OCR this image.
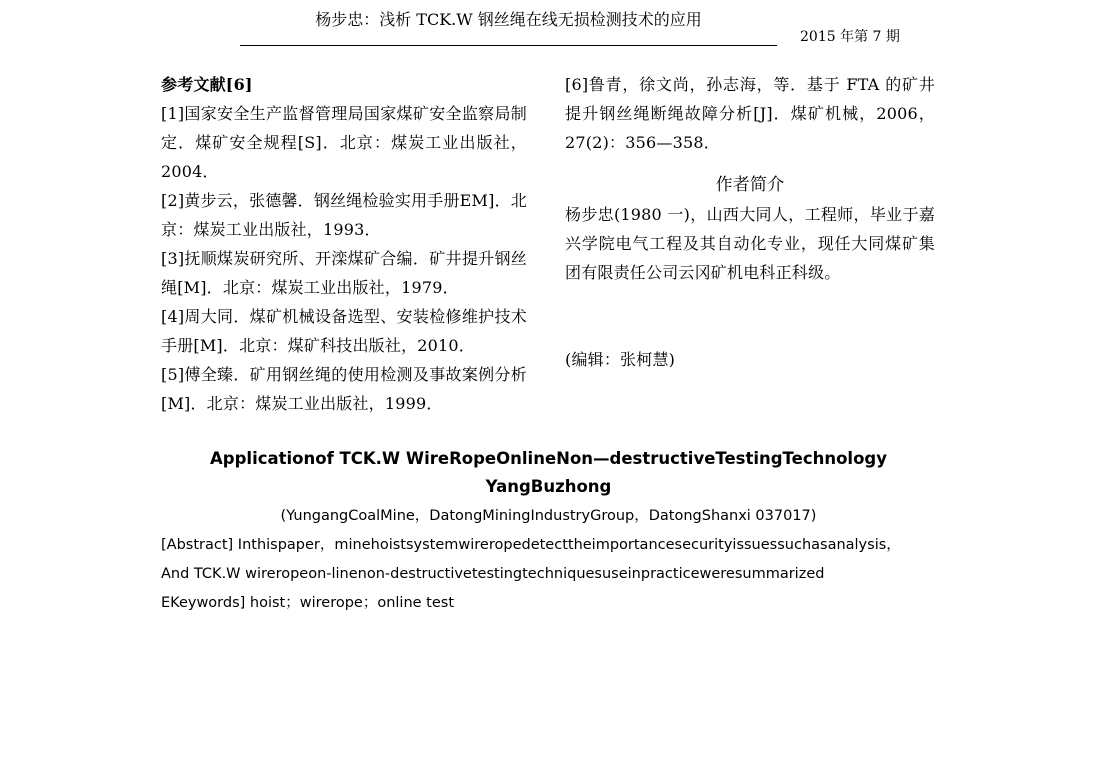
杨步忠：浅析 TCK.W 钢丝绳在线无损检测技术的应用
2015 年第 7 期

参考文献[6]

[1]国家安全生产监督管理局国家煤矿安全监察局制定．煤矿安全规程[S]．北京：煤炭工业出版社，2004．

[2]黄步云，张德馨．钢丝绳检验实用手册EM]．北京：煤炭工业出版社，1993．

[3]抚顺煤炭研究所、开滦煤矿合编．矿井提升钢丝绳[M]．北京：煤炭工业出版社，1979．

[4]周大同．煤矿机械设备选型、安装检修维护技术手册[M]．北京：煤矿科技出版社，2010．

[5]傅全臻．矿用钢丝绳的使用检测及事故案例分析[M]．北京：煤炭工业出版社，1999．

[6]鲁青，徐文尚，孙志海，等．基于 FTA 的矿井提升钢丝绳断绳故障分析[J]．煤矿机械，2006，27(2)：356—358．

作者简介

杨步忠(1980 一)，山西大同人，工程师，毕业于嘉兴学院电气工程及其自动化专业，现任大同煤矿集团有限责任公司云冈矿机电科正科级。

(编辑：张柯慧)

Applicationof TCK.W WireRopeOnlineNon—destructiveTestingTechnology

YangBuzhong

(YungangCoalMine，DatongMiningIndustryGroup，DatongShanxi 037017)

[Abstract] Inthispaper，minehoistsystemwireropedetecttheimportancesecurityissuessuchasanalysis，

And TCK.W wireropeon-linenon-destructivetestingtechniquesuseinpracticeweresummarized

EKeywords] hoist；wirerope；online test
